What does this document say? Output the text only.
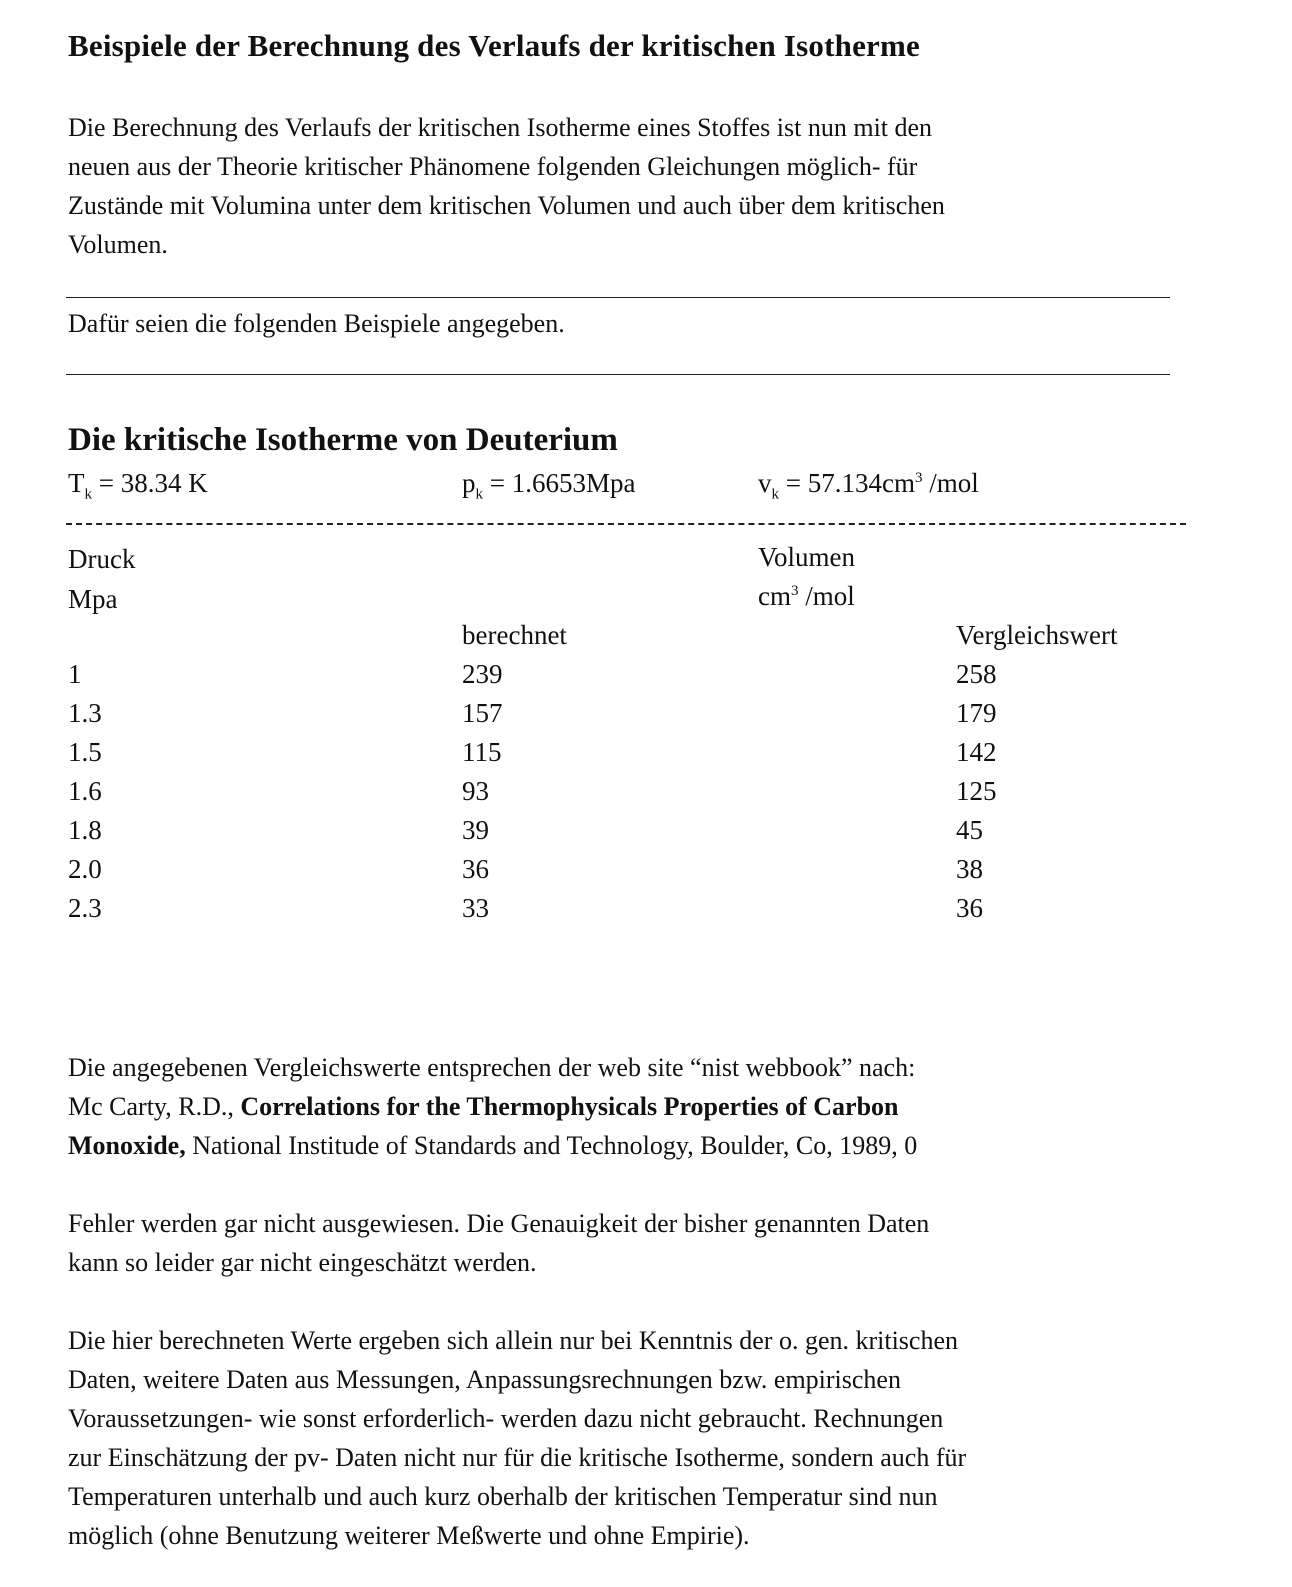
Beispiele der Berechnung des Verlaufs der kritischen Isotherme
Die Berechnung des Verlaufs der kritischen Isotherme eines Stoffes ist nun mit den
neuen aus der Theorie kritischer Phänomene folgenden Gleichungen möglich- für
Zustände mit Volumina unter dem kritischen Volumen und auch über dem kritischen
Volumen.
Dafür seien die folgenden Beispiele angegeben.
Die kritische Isotherme von Deuterium
$T_k = 38.34$ K	$p_k = 1.6653Mpa$	$v_k = 57.134cm^3$ /mol
Druck
Mpa
Volumen
$cm^3$ /mol
berechnet	Vergleichswert
1	239	258
1.3	157	179
1.5	115	142
1.6	93	125
1.8	39	45
2.0	36	38
2.3	33	36
Die angegebenen Vergleichswerte entsprechen der web site “nist webbook” nach:
Mc Carty, R.D., Correlations for the Thermophysicals Properties of Carbon
Monoxide, National Institude of Standards and Technology, Boulder, Co, 1989, 0
Fehler werden gar nicht ausgewiesen. Die Genauigkeit der bisher genannten Daten
kann so leider gar nicht eingeschätzt werden.
Die hier berechneten Werte ergeben sich allein nur bei Kenntnis der o. gen. kritischen
Daten, weitere Daten aus Messungen, Anpassungsrechnungen bzw. empirischen
Voraussetzungen- wie sonst erforderlich- werden dazu nicht gebraucht. Rechnungen
zur Einschätzung der pv- Daten nicht nur für die kritische Isotherme, sondern auch für
Temperaturen unterhalb und auch kurz oberhalb der kritischen Temperatur sind nun
möglich (ohne Benutzung weiterer Meßwerte und ohne Empirie).
